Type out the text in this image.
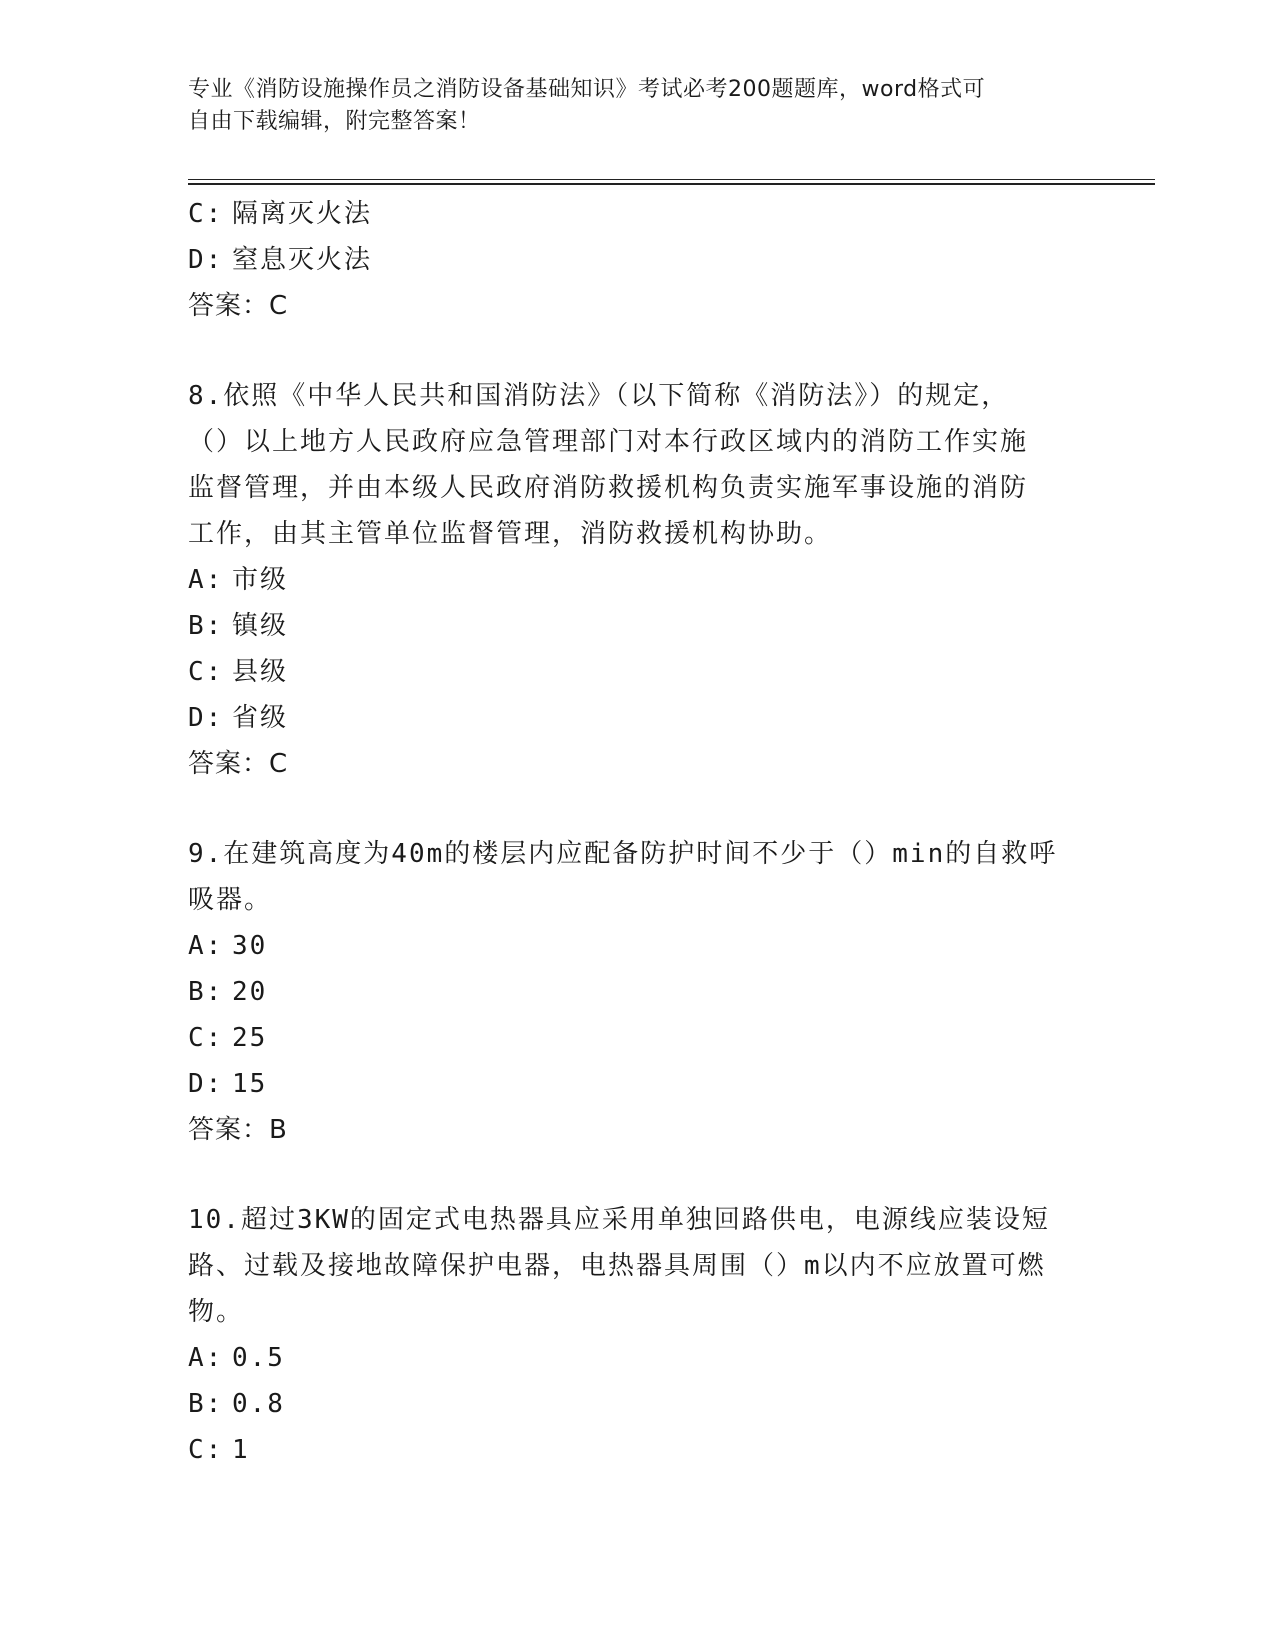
专业《消防设施操作员之消防设备基础知识》考试必考200题题库，word格式可
自由下载编辑，附完整答案！
C: 隔离灭火法
D: 窒息灭火法
答案：C
8.依照《中华人民共和国消防法》（以下简称《消防法》）的规定，
（）以上地方人民政府应急管理部门对本行政区域内的消防工作实施
监督管理，并由本级人民政府消防救援机构负责实施军事设施的消防
工作，由其主管单位监督管理，消防救援机构协助。
A: 市级
B: 镇级
C: 县级
D: 省级
答案：C
9.在建筑高度为40m的楼层内应配备防护时间不少于（）min的自救呼
吸器。
A: 30
B: 20
C: 25
D: 15
答案：B
10.超过3KW的固定式电热器具应采用单独回路供电，电源线应装设短
路、过载及接地故障保护电器，电热器具周围（）m以内不应放置可燃
物。
A: 0.5
B: 0.8
C: 1
